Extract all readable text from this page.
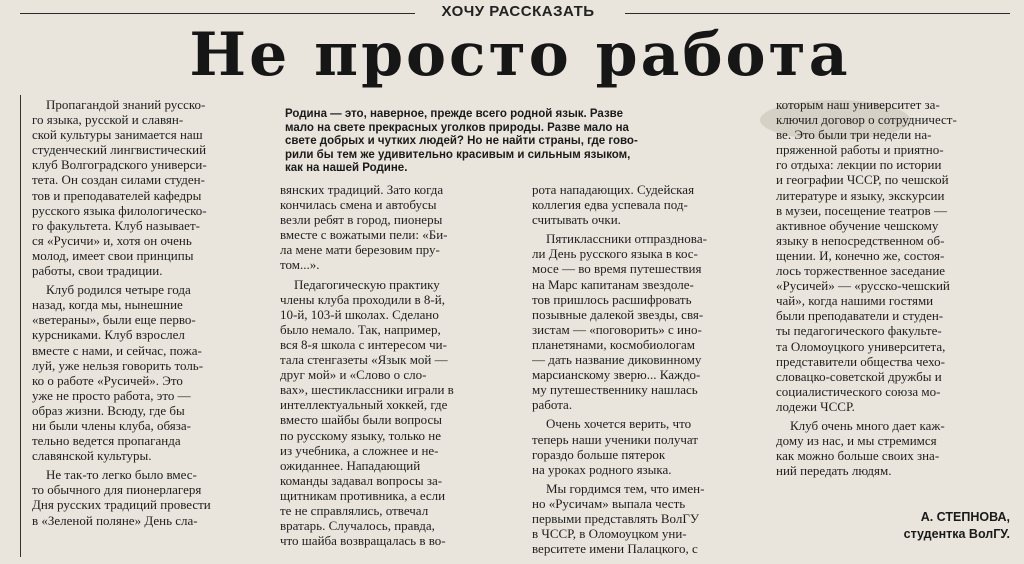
ХОЧУ РАССКАЗАТЬ
Не просто работа
Родина — это, наверное, прежде всего родной язык. Разве
мало на свете прекрасных уголков природы. Разве мало на
свете добрых и чутких людей? Но не найти страны, где гово-
рили бы тем же удивительно красивым и сильным языком,
как на нашей Родине.
Пропагандой знаний русско-
го языка, русской и славян-
ской культуры занимается наш
студенческий лингвистический
клуб Волгоградского универси-
тета. Он создан силами студен-
тов и преподавателей кафедры
русского языка филологическо-
го факультета. Клуб называет-
ся «Русичи» и, хотя он очень
молод, имеет свои принципы
работы, свои традиции.
Клуб родился четыре года
назад, когда мы, нынешние
«ветераны», были еще перво-
курсниками. Клуб взрослел
вместе с нами, и сейчас, пожа-
луй, уже нельзя говорить толь-
ко о работе «Русичей». Это
уже не просто работа, это —
образ жизни. Всюду, где бы
ни были члены клуба, обяза-
тельно ведется пропаганда
славянской культуры.
Не так-то легко было вмес-
то обычного для пионерлагеря
Дня русских традиций провести
в «Зеленой поляне» День сла-
вянских традиций. Зато когда
кончилась смена и автобусы
везли ребят в город, пионеры
вместе с вожатыми пели: «Би-
ла мене мати березовим пру-
том...».
Педагогическую практику
члены клуба проходили в 8-й,
10-й, 103-й школах. Сделано
было немало. Так, например,
вся 8-я школа с интересом чи-
тала стенгазеты «Язык мой —
друг мой» и «Слово о сло-
вах», шестиклассники играли в
интеллектуальный хоккей, где
вместо шайбы были вопросы
по русскому языку, только не
из учебника, а сложнее и не-
ожиданнее. Нападающий
команды задавал вопросы за-
щитникам противника, а если
те не справлялись, отвечал
вратарь. Случалось, правда,
что шайба возвращалась в во-
рота нападающих. Судейская
коллегия едва успевала под-
считывать очки.
Пятиклассники отпраздновa-
ли День русского языка в кос-
мосе — во время путешествия
на Марс капитанам звездоле-
тов пришлось расшифровать
позывные далекой звезды, свя-
зистам — «поговорить» с ино-
планетянами, космобиологам
— дать название диковинному
марсианскому зверю... Каждо-
му путешественнику нашлась
работа.
Очень хочется верить, что
теперь наши ученики получат
гораздо больше пятерок
на уроках родного языка.
Мы гордимся тем, что имен-
но «Русичам» выпала честь
первыми представлять ВолГУ
в ЧССР, в Оломоуцком уни-
верситете имени Палацкого, с
которым наш университет за-
ключил договор о сотрудничест-
ве. Это были три недели на-
пряженной работы и приятно-
го отдыха: лекции по истории
и географии ЧССР, по чешской
литературе и языку, экскурсии
в музеи, посещение театров —
активное обучение чешскому
языку в непосредственном об-
щении. И, конечно же, состоя-
лось торжественное заседание
«Русичей» — «русско-чешский
чай», когда нашими гостями
были преподаватели и студен-
ты педагогического факульте-
та Оломоуцкого университета,
представители общества чехо-
словацко-советской дружбы и
социалистического союза мо-
лодежи ЧССР.
Клуб очень много дает каж-
дому из нас, и мы стремимся
как можно больше своих зна-
ний передать людям.
А. СТЕПНОВА,
студентка ВолГУ.
